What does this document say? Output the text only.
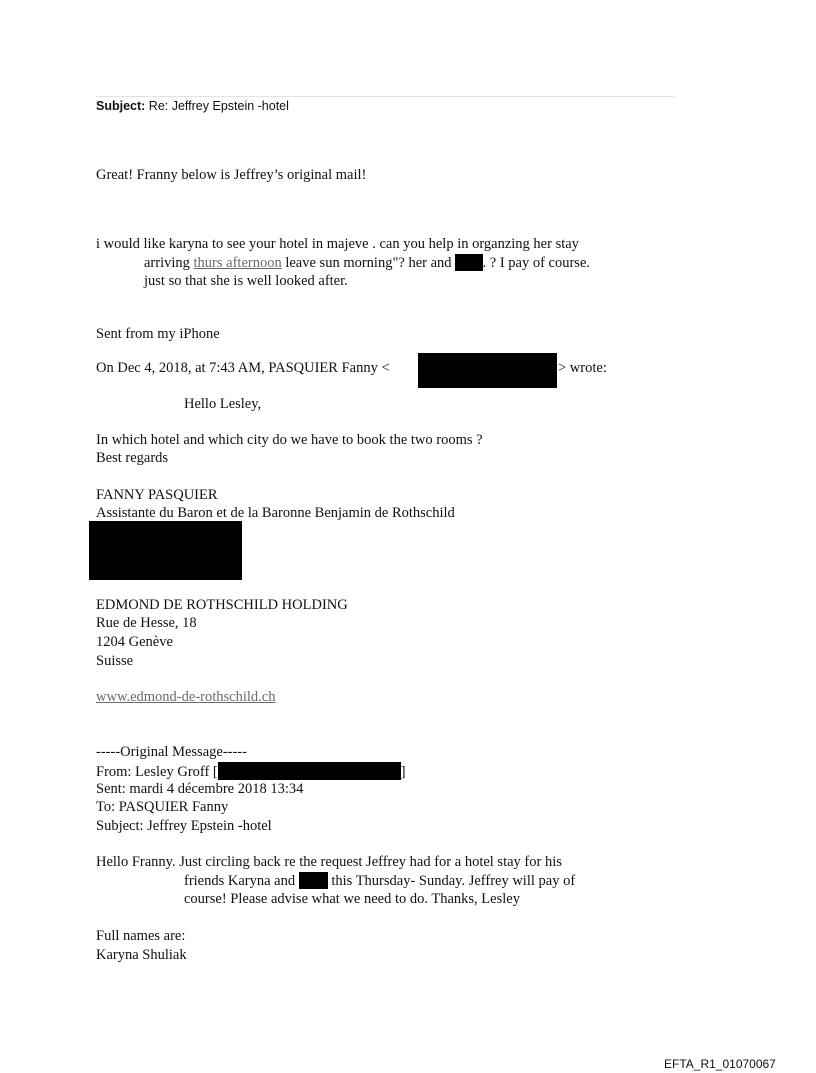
Subject: Re: Jeffrey Epstein -hotel
Great! Franny below is Jeffrey’s original mail!
i would like karyna to see your hotel in majeve . can you help in organzing her stay
arriving thurs afternoon leave sun morning"? her and . ? I pay of course.
just so that she is well looked after.
Sent from my iPhone
On Dec 4, 2018, at 7:43 AM, PASQUIER Fanny <	> wrote:
Hello Lesley,
In which hotel and which city do we have to book the two rooms ?
Best regards
FANNY PASQUIER
Assistante du Baron et de la Baronne Benjamin de Rothschild
EDMOND DE ROTHSCHILD HOLDING
Rue de Hesse, 18
1204 Genève
Suisse
www.edmond-de-rothschild.ch
-----Original Message-----
From: Lesley Groff [	]
Sent: mardi 4 décembre 2018 13:34
To: PASQUIER Fanny
Subject: Jeffrey Epstein -hotel
Hello Franny. Just circling back re the request Jeffrey had for a hotel stay for his
friends Karyna and	this Thursday- Sunday. Jeffrey will pay of
course! Please advise what we need to do. Thanks, Lesley
Full names are:
Karyna Shuliak
EFTA_R1_01070067
